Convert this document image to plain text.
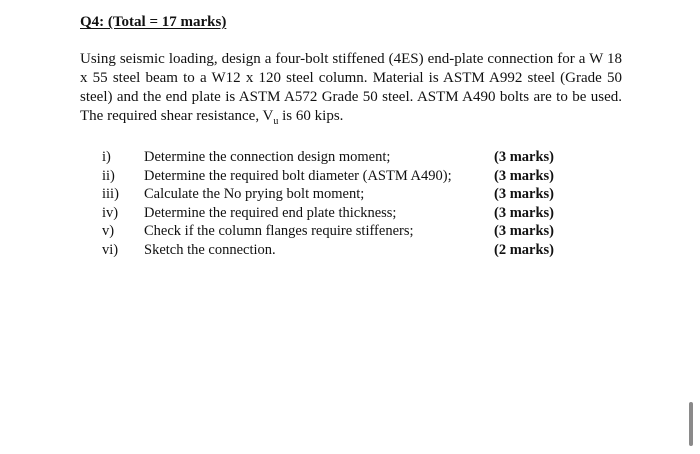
Q4: (Total = 17 marks)
Using seismic loading, design a four-bolt stiffened (4ES) end-plate connection for a W 18 x 55 steel beam to a W12 x 120 steel column. Material is ASTM A992 steel (Grade 50 steel) and the end plate is ASTM A572 Grade 50 steel. ASTM A490 bolts are to be used. The required shear resistance, $V_u$ is 60 kips.
i) Determine the connection design moment;	(3 marks)
ii) Determine the required bolt diameter (ASTM A490);	(3 marks)
iii) Calculate the No prying bolt moment;	(3 marks)
iv) Determine the required end plate thickness;	(3 marks)
v) Check if the column flanges require stiffeners;	(3 marks)
vi) Sketch the connection.	(2 marks)
